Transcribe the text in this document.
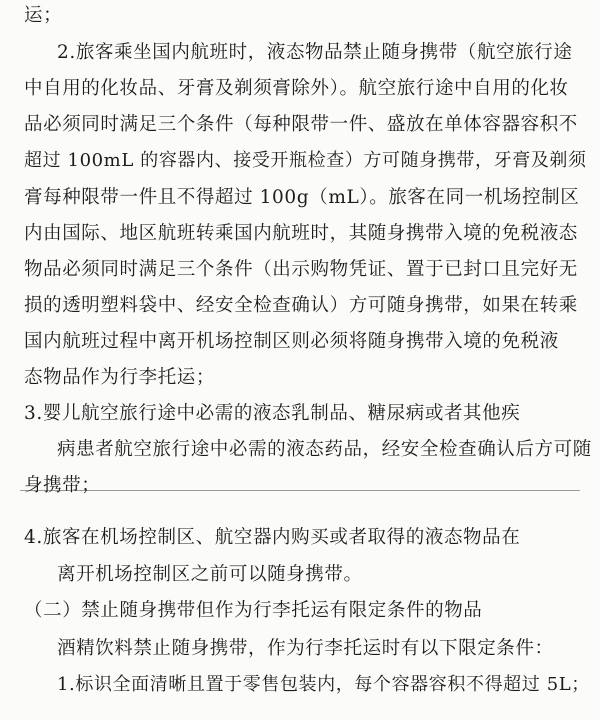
运；
2.旅客乘坐国内航班时，液态物品禁止随身携带（航空旅行途
中自用的化妆品、牙膏及剃须膏除外）。航空旅行途中自用的化妆
品必须同时满足三个条件（每种限带一件、盛放在单体容器容积不
超过 100mL 的容器内、接受开瓶检查）方可随身携带，牙膏及剃须
膏每种限带一件且不得超过 100g（mL）。旅客在同一机场控制区
内由国际、地区航班转乘国内航班时，其随身携带入境的免税液态
物品必须同时满足三个条件（出示购物凭证、置于已封口且完好无
损的透明塑料袋中、经安全检查确认）方可随身携带，如果在转乘
国内航班过程中离开机场控制区则必须将随身携带入境的免税液
态物品作为行李托运；
3.婴儿航空旅行途中必需的液态乳制品、糖尿病或者其他疾
病患者航空旅行途中必需的液态药品，经安全检查确认后方可随
身携带；
4.旅客在机场控制区、航空器内购买或者取得的液态物品在
离开机场控制区之前可以随身携带。
（二）禁止随身携带但作为行李托运有限定条件的物品
酒精饮料禁止随身携带，作为行李托运时有以下限定条件：
1.标识全面清晰且置于零售包装内，每个容器容积不得超过 5L；
